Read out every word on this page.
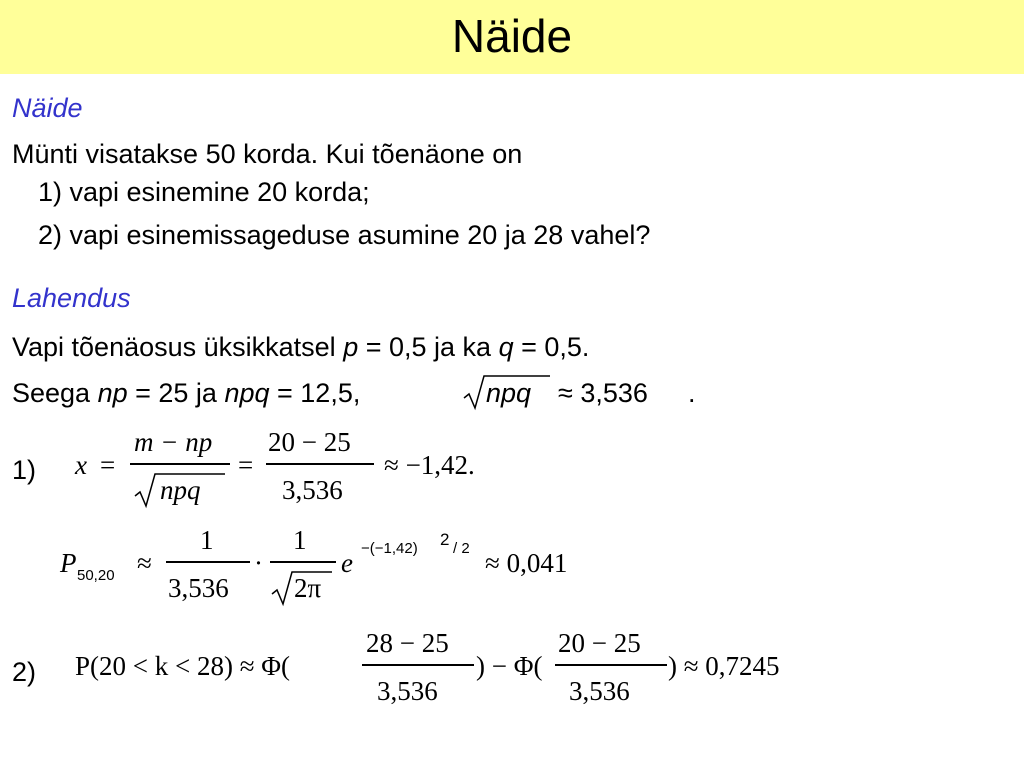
Näide
Näide
Münti visatakse 50 korda. Kui tõenäone on
1) vapi esinemine 20 korda;
2) vapi esinemissageduse asumine 20 ja 28 vahel?
Lahendus
Vapi tõenäosus üksikkatsel p = 0,5 ja ka q = 0,5.
Seega np = 25 ja npq = 12,5,	npq ≈ 3,536 .
1) x =
m − np
npq
=
20 − 25
3,536
≈ −1,42.
P 50,20 ≈
1
3,536
·
1
2π
e −(−1,42) 2 / 2 ≈ 0,041
2) P(20 < k < 28) ≈ Φ(
28 − 25
3,536
) − Φ(
20 − 25
3,536
) ≈ 0,7245
